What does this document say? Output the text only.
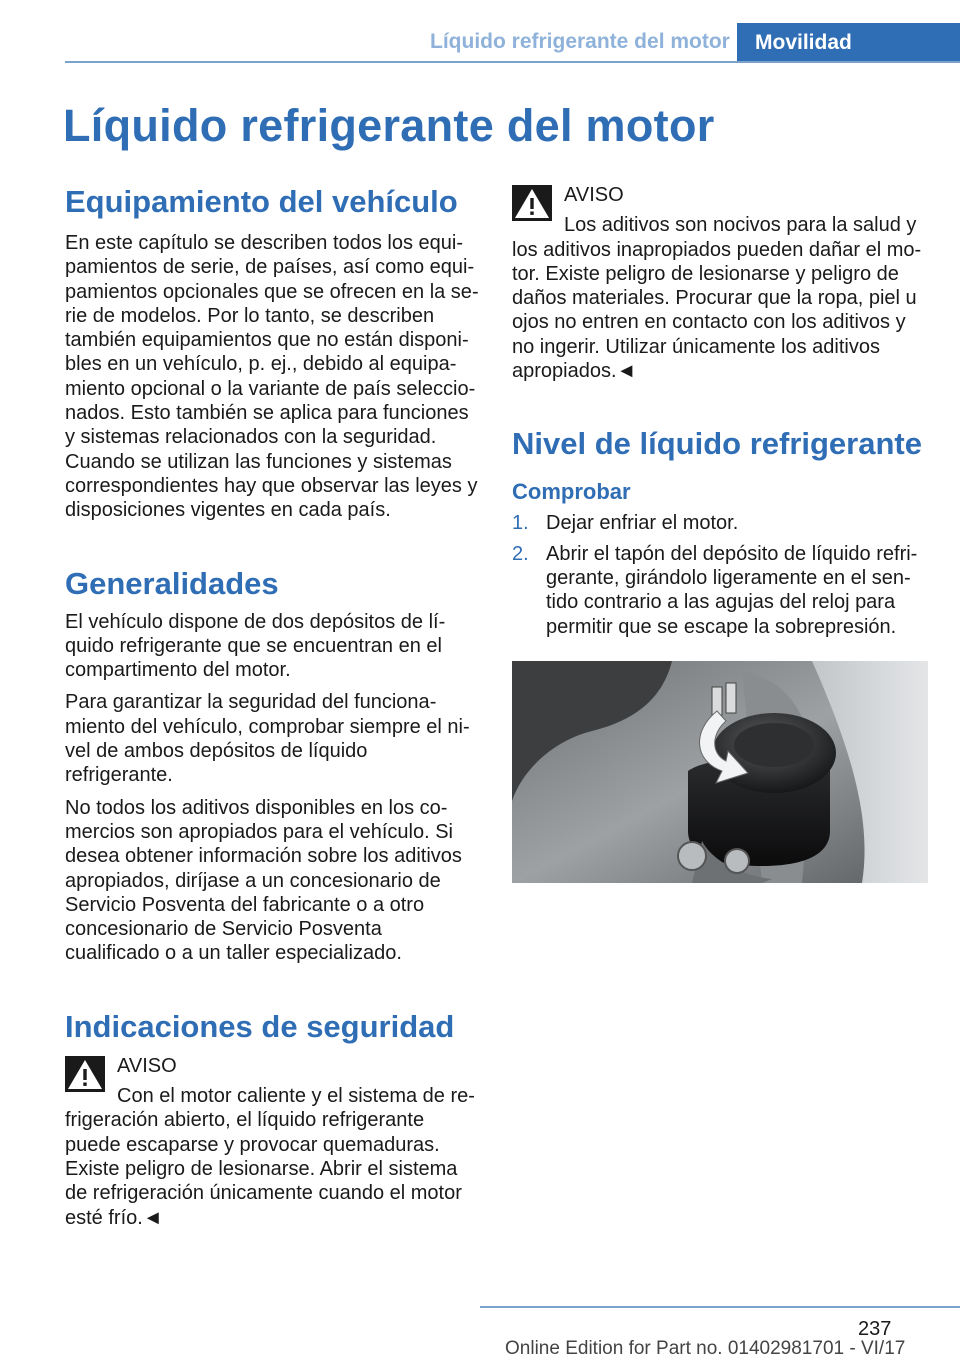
Líquido refrigerante del motor	Movilidad
Líquido refrigerante del motor
Equipamiento del vehículo

En este capítulo se describen todos los equipamientos de serie, de países, así como equipamientos opcionales que se ofrecen en la serie de modelos. Por lo tanto, se describen también equipamientos que no están disponibles en un vehículo, p. ej., debido al equipamiento opcional o la variante de país seleccionados. Esto también se aplica para funciones y sistemas relacionados con la seguridad. Cuando se utilizan las funciones y sistemas correspondientes hay que observar las leyes y disposiciones vigentes en cada país.

Generalidades

El vehículo dispone de dos depósitos de líquido refrigerante que se encuentran en el compartimento del motor.

Para garantizar la seguridad del funcionamiento del vehículo, comprobar siempre el nivel de ambos depósitos de líquido refrigerante.

No todos los aditivos disponibles en los comercios son apropiados para el vehículo. Si desea obtener información sobre los aditivos apropiados, diríjase a un concesionario de Servicio Posventa del fabricante o a otro concesionario de Servicio Posventa cualificado o a un taller especializado.

Indicaciones de seguridad
AVISO

Con el motor caliente y el sistema de refrigeración abierto, el líquido refrigerante puede escaparse y provocar quemaduras. Existe peligro de lesionarse. Abrir el sistema de refrigeración únicamente cuando el motor esté frío.◄

AVISO

Los aditivos son nocivos para la salud y los aditivos inapropiados pueden dañar el motor. Existe peligro de lesionarse y peligro de daños materiales. Procurar que la ropa, piel u ojos no entren en contacto con los aditivos y no ingerir. Utilizar únicamente los aditivos apropiados.◄

Nivel de líquido refrigerante
Comprobar
1. Dejar enfriar el motor.
2. Abrir el tapón del depósito de líquido refrigerante, girándolo ligeramente en el sentido contrario a las agujas del reloj para permitir que se escape la sobrepresión.
237
Online Edition for Part no. 01402981701 - VI/17
